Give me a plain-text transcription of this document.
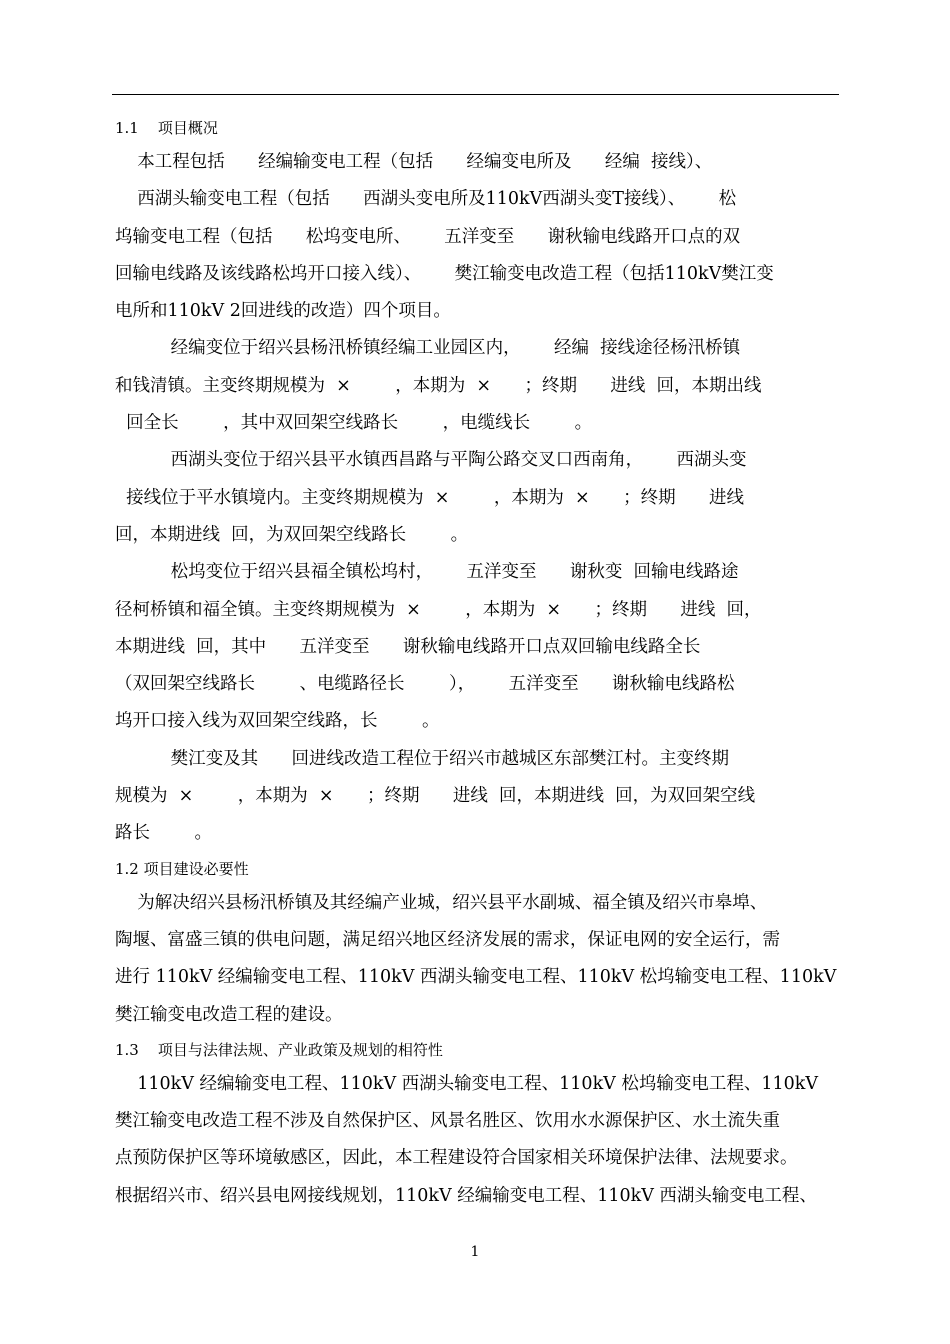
1.1    项目概况

本工程包括      经编输变电工程（包括      经编变电所及      经编  接线）、

西湖头输变电工程（包括      西湖头变电所及110kV西湖头变T接线）、      松

坞输变电工程（包括      松坞变电所、      五洋变至      谢秋输电线路开口点的双

回输电线路及该线路松坞开口接入线）、      樊江输变电改造工程（包括110kV樊江变

电所和110kV 2回进线的改造）四个项目。

经编变位于绍兴县杨汛桥镇经编工业园区内，      经编  接线途径杨汛桥镇

和钱清镇。主变终期规模为  ×        ，本期为  ×      ；终期      进线  回，本期出线

回全长        ，其中双回架空线路长        ，电缆线长        。

西湖头变位于绍兴县平水镇西昌路与平陶公路交叉口西南角，      西湖头变

接线位于平水镇境内。主变终期规模为  ×        ，本期为  ×      ；终期      进线

回，本期进线  回，为双回架空线路长        。

松坞变位于绍兴县福全镇松坞村，      五洋变至      谢秋变  回输电线路途

径柯桥镇和福全镇。主变终期规模为  ×        ，本期为  ×      ；终期      进线  回，

本期进线  回，其中      五洋变至      谢秋输电线路开口点双回输电线路全长

（双回架空线路长        、电缆路径长        ），      五洋变至      谢秋输电线路松

坞开口接入线为双回架空线路，长        。

樊江变及其      回进线改造工程位于绍兴市越城区东部樊江村。主变终期

规模为  ×        ，本期为  ×      ；终期      进线  回，本期进线  回，为双回架空线

路长        。

1.2 项目建设必要性

为解决绍兴县杨汛桥镇及其经编产业城，绍兴县平水副城、福全镇及绍兴市皋埠、

陶堰、富盛三镇的供电问题，满足绍兴地区经济发展的需求，保证电网的安全运行，需

进行 110kV 经编输变电工程、110kV 西湖头输变电工程、110kV 松坞输变电工程、110kV

樊江输变电改造工程的建设。

1.3    项目与法律法规、产业政策及规划的相符性

110kV 经编输变电工程、110kV 西湖头输变电工程、110kV 松坞输变电工程、110kV

樊江输变电改造工程不涉及自然保护区、风景名胜区、饮用水水源保护区、水土流失重

点预防保护区等环境敏感区，因此，本工程建设符合国家相关环境保护法律、法规要求。

根据绍兴市、绍兴县电网接线规划，110kV 经编输变电工程、110kV 西湖头输变电工程、

1
